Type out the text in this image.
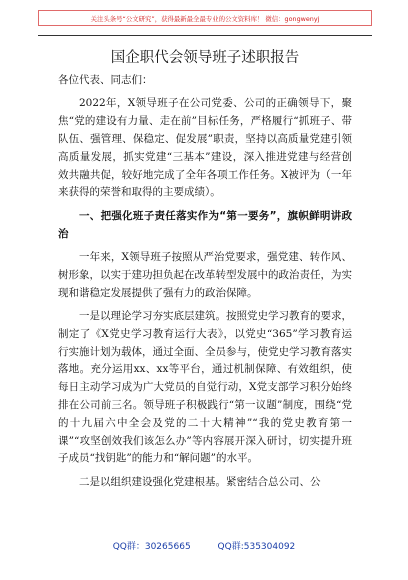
关注头条号“公文研究”，获得最新最全最专业的公文资料库！ 微信：gongwenyj
国企职代会领导班子述职报告

各位代表、同志们：

2022年，X领导班子在公司党委、公司的正确领导下，聚焦“党的建设有力量、走在前”目标任务，严格履行“抓班子、带队伍、强管理、保稳定、促发展”职责，坚持以高质量党建引领高质量发展，抓实党建“三基本”建设，深入推进党建与经营创效共融共促，较好地完成了全年各项工作任务。X被评为（一年来获得的荣誉和取得的主要成绩）。

一、把强化班子责任落实作为“第一要务”，旗帜鲜明讲政治

一年来，X领导班子按照从严治党要求，强党建、转作风、树形象，以实于建功担负起在改革转型发展中的政治责任，为实现和谐稳定发展提供了强有力的政治保障。

一是以理论学习夯实底层建筑。按照党史学习教育的要求，制定了《X党史学习教育运行大表》，以党史“365”学习教育运行实施计划为载体，通过全面、全员参与，使党史学习教育落实落地。充分运用xx、xx等平台，通过机制保障、有效组织，使每日主动学习成为广大党员的自觉行动，X党支部学习积分始终排在公司前三名。领导班子积极践行“第一议题”制度，围绕“党的十九届六中全会及党的二十大精神”“我的党史教育第一课”“攻坚创效我们该怎么办”等内容展开深入研讨，切实提升班子成员“找钥匙”的能力和“解问题”的水平。

二是以组织建设强化党建根基。紧密结合总公司、公

QQ群：30265665	QQ群:535304092
